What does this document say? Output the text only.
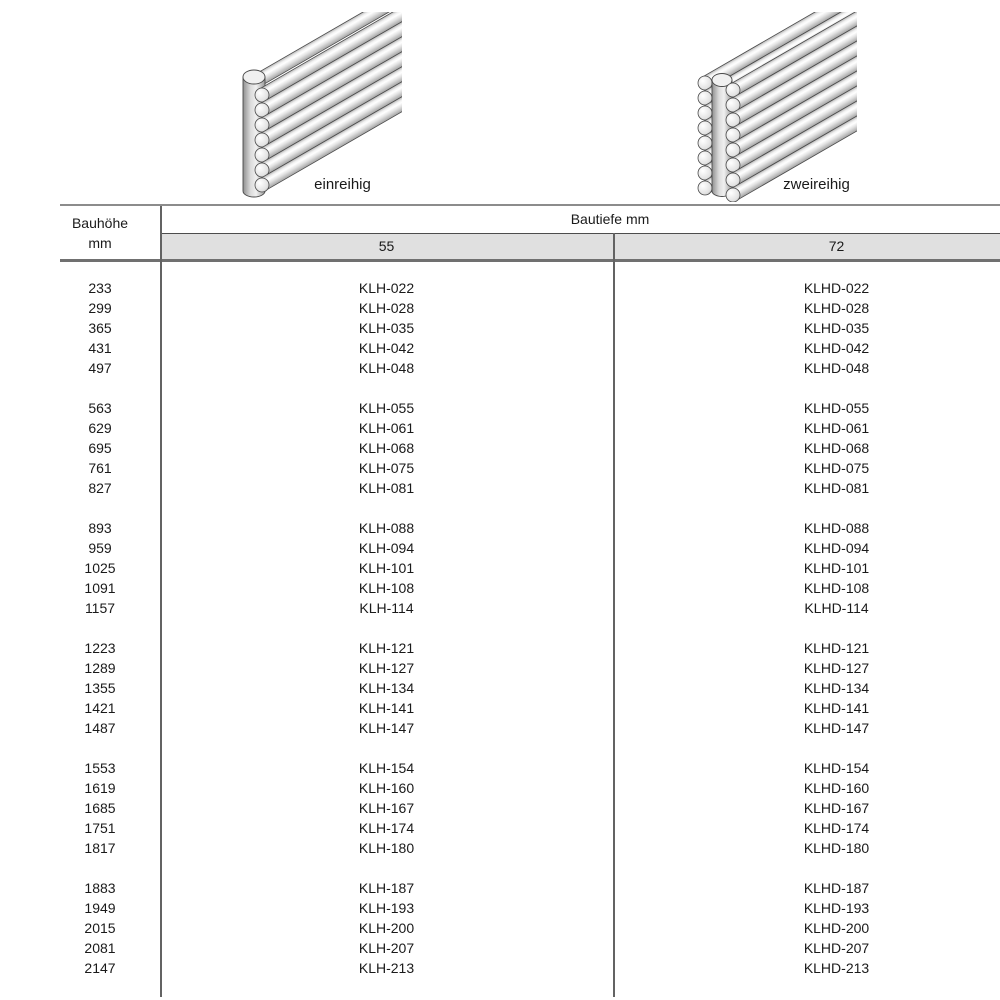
einreihig	zweireihig
Bauhöhe
mm
Bautiefe mm
55	72
233	KLH-022	KLHD-022
299	KLH-028	KLHD-028
365	KLH-035	KLHD-035
431	KLH-042	KLHD-042
497	KLH-048	KLHD-048
563	KLH-055	KLHD-055
629	KLH-061	KLHD-061
695	KLH-068	KLHD-068
761	KLH-075	KLHD-075
827	KLH-081	KLHD-081
893	KLH-088	KLHD-088
959	KLH-094	KLHD-094
1025	KLH-101	KLHD-101
1091	KLH-108	KLHD-108
1157	KLH-114	KLHD-114
1223	KLH-121	KLHD-121
1289	KLH-127	KLHD-127
1355	KLH-134	KLHD-134
1421	KLH-141	KLHD-141
1487	KLH-147	KLHD-147
1553	KLH-154	KLHD-154
1619	KLH-160	KLHD-160
1685	KLH-167	KLHD-167
1751	KLH-174	KLHD-174
1817	KLH-180	KLHD-180
1883	KLH-187	KLHD-187
1949	KLH-193	KLHD-193
2015	KLH-200	KLHD-200
2081	KLH-207	KLHD-207
2147	KLH-213	KLHD-213
